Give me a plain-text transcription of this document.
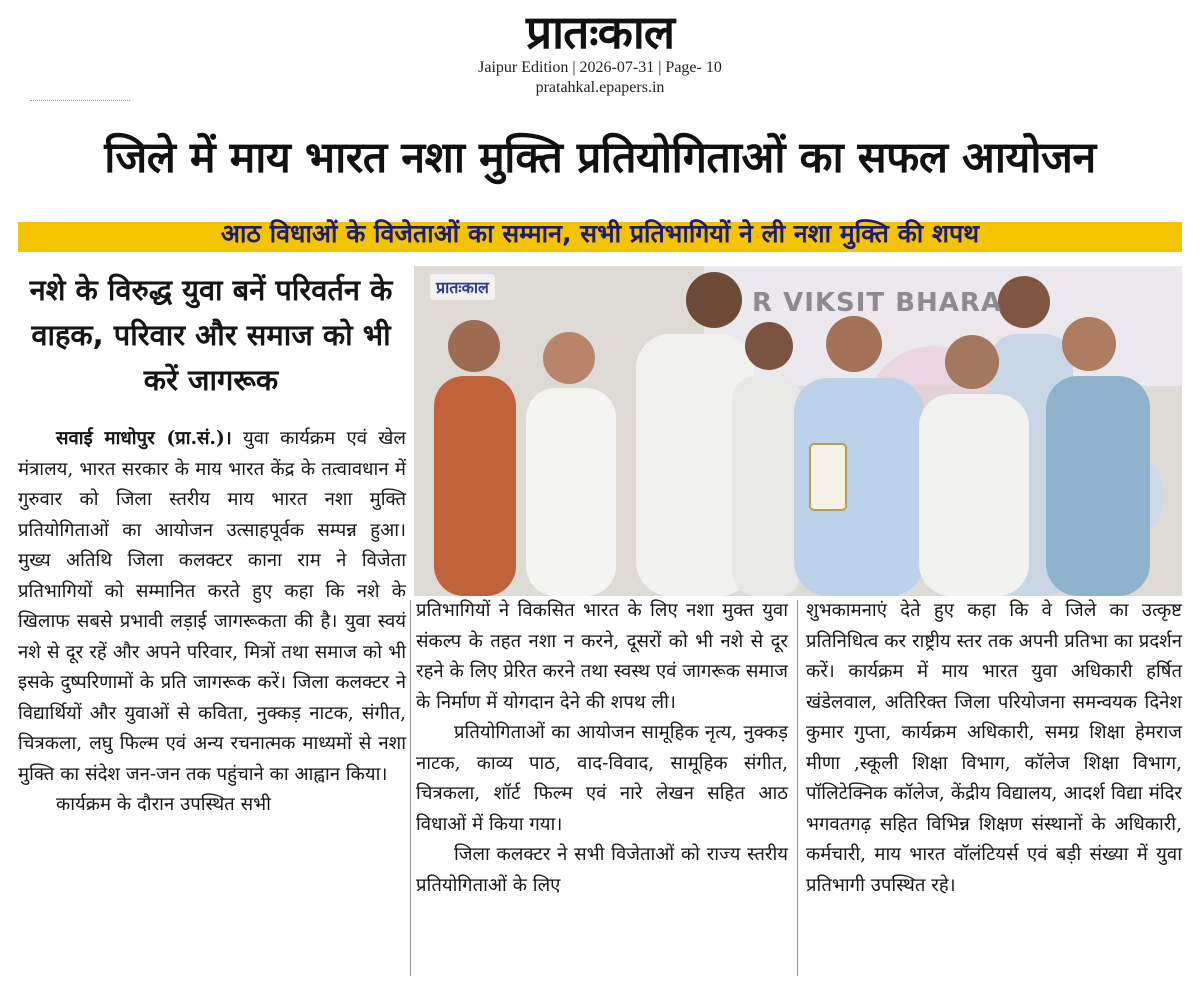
प्रातःकाल
Jaipur Edition | 2026-07-31 | Page- 10
pratahkal.epapers.in
जिले में माय भारत नशा मुक्ति प्रतियोगिताओं का सफल आयोजन
आठ विधाओं के विजेताओं का सम्मान, सभी प्रतिभागियों ने ली नशा मुक्ति की शपथ
नशे के विरुद्ध युवा बनें परिवर्तन के वाहक, परिवार और समाज को भी करें जागरूक
R VIKSIT BHARA
प्रातःकाल

सवाई माधोपुर (प्रा.सं.)। युवा कार्यक्रम एवं खेल मंत्रालय, भारत सरकार के माय भारत केंद्र के तत्वावधान में गुरुवार को जिला स्तरीय माय भारत नशा मुक्ति प्रतियोगिताओं का आयोजन उत्साहपूर्वक सम्पन्न हुआ। मुख्य अतिथि जिला कलक्टर काना राम ने विजेता प्रतिभागियों को सम्मानित करते हुए कहा कि नशे के खिलाफ सबसे प्रभावी लड़ाई जागरूकता की है। युवा स्वयं नशे से दूर रहें और अपने परिवार, मित्रों तथा समाज को भी इसके दुष्परिणामों के प्रति जागरूक करें। जिला कलक्टर ने विद्यार्थियों और युवाओं से कविता, नुक्कड़ नाटक, संगीत, चित्रकला, लघु फिल्म एवं अन्य रचनात्मक माध्यमों से नशा मुक्ति का संदेश जन-जन तक पहुंचाने का आह्वान किया।

कार्यक्रम के दौरान उपस्थित सभी

प्रतिभागियों ने विकसित भारत के लिए नशा मुक्त युवा संकल्प के तहत नशा न करने, दूसरों को भी नशे से दूर रहने के लिए प्रेरित करने तथा स्वस्थ एवं जागरूक समाज के निर्माण में योगदान देने की शपथ ली।

प्रतियोगिताओं का आयोजन सामूहिक नृत्य, नुक्कड़ नाटक, काव्य पाठ, वाद-विवाद, सामूहिक संगीत, चित्रकला, शॉर्ट फिल्म एवं नारे लेखन सहित आठ विधाओं में किया गया।

जिला कलक्टर ने सभी विजेताओं को राज्य स्तरीय प्रतियोगिताओं के लिए

शुभकामनाएं देते हुए कहा कि वे जिले का उत्कृष्ट प्रतिनिधित्व कर राष्ट्रीय स्तर तक अपनी प्रतिभा का प्रदर्शन करें। कार्यक्रम में माय भारत युवा अधिकारी हर्षित खंडेलवाल, अतिरिक्त जिला परियोजना समन्वयक दिनेश कुमार गुप्ता, कार्यक्रम अधिकारी, समग्र शिक्षा हेमराज मीणा ,स्कूली शिक्षा विभाग, कॉलेज शिक्षा विभाग, पॉलिटेक्निक कॉलेज, केंद्रीय विद्यालय, आदर्श विद्या मंदिर भगवतगढ़ सहित विभिन्न शिक्षण संस्थानों के अधिकारी, कर्मचारी, माय भारत वॉलंटियर्स एवं बड़ी संख्या में युवा प्रतिभागी उपस्थित रहे।
